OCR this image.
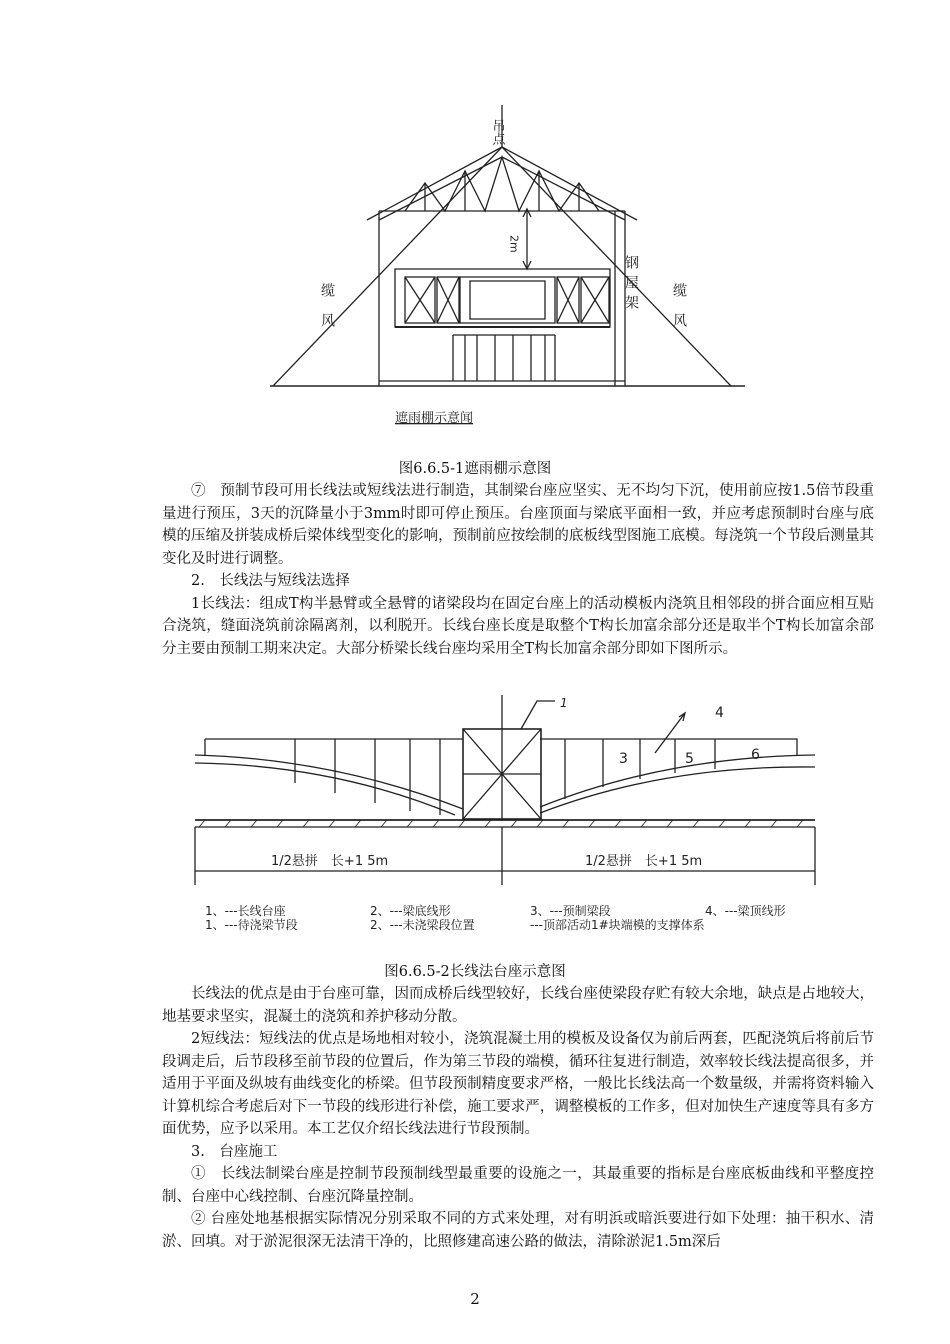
吊点
2m
缆风	缆风
钢屋架
遮雨棚示意闻
图6.6.5-1遮雨棚示意图

⑦　预制节段可用长线法或短线法进行制造，其制梁台座应坚实、无不均匀下沉，使用前应按1.5倍节段重量进行预压，3天的沉降量小于3mm时即可停止预压。台座顶面与梁底平面相一致，并应考虑预制时台座与底模的压缩及拼装成桥后梁体线型变化的影响，预制前应按绘制的底板线型图施工底模。每浇筑一个节段后测量其变化及时进行调整。

2.　长线法与短线法选择

1长线法：组成T构半悬臂或全悬臂的诸梁段均在固定台座上的活动模板内浇筑且相邻段的拼合面应相互贴合浇筑，缝面浇筑前涂隔离剂，以利脱开。长线台座长度是取整个T构长加富余部分还是取半个T构长加富余部分主要由预制工期来决定。大部分桥梁长线台座均采用全T构长加富余部分即如下图所示。

1
4
3	5	6
1/2悬拼　长+1 5m	1/2悬拼　长+1 5m
1、---长线台座
1、---待浇梁节段
2、---梁底线形
2、---未浇梁段位置
3、---预制梁段
---顶部活动1#块端模的支撑体系
4、---梁顶线形
图6.6.5-2长线法台座示意图

长线法的优点是由于台座可靠，因而成桥后线型较好，长线台座使梁段存贮有较大余地，缺点是占地较大，地基要求坚实，混凝土的浇筑和养护移动分散。

2短线法：短线法的优点是场地相对较小，浇筑混凝土用的模板及设备仅为前后两套，匹配浇筑后将前后节段调走后，后节段移至前节段的位置后，作为第三节段的端模，循环往复进行制造，效率较长线法提高很多，并适用于平面及纵坡有曲线变化的桥梁。但节段预制精度要求严格，一般比长线法高一个数量级，并需将资料输入计算机综合考虑后对下一节段的线形进行补偿，施工要求严，调整模板的工作多，但对加快生产速度等具有多方面优势，应予以采用。本工艺仅介绍长线法进行节段预制。

3.　台座施工

①　长线法制梁台座是控制节段预制线型最重要的设施之一，其最重要的指标是台座底板曲线和平整度控制、台座中心线控制、台座沉降量控制。

② 台座处地基根据实际情况分别采取不同的方式来处理，对有明浜或暗浜要进行如下处理：抽干积水、清淤、回填。对于淤泥很深无法清干净的，比照修建高速公路的做法，清除淤泥1.5m深后

2
